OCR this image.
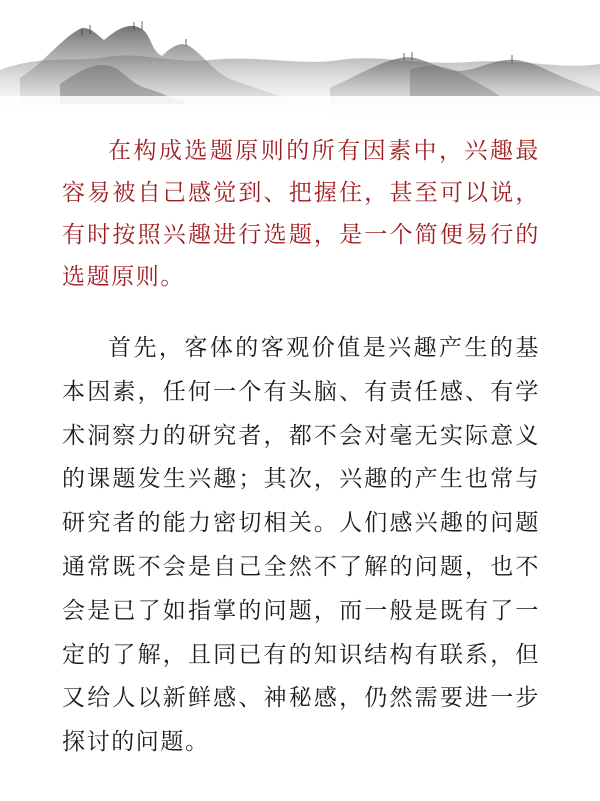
在构成选题原则的所有因素中，兴趣最容易被自己感觉到、把握住，甚至可以说，有时按照兴趣进行选题，是一个简便易行的选题原则。

首先，客体的客观价值是兴趣产生的基本因素，任何一个有头脑、有责任感、有学术洞察力的研究者，都不会对毫无实际意义的课题发生兴趣；其次，兴趣的产生也常与研究者的能力密切相关。人们感兴趣的问题通常既不会是自己全然不了解的问题，也不会是已了如指掌的问题，而一般是既有了一定的了解，且同已有的知识结构有联系，但又给人以新鲜感、神秘感，仍然需要进一步探讨的问题。
